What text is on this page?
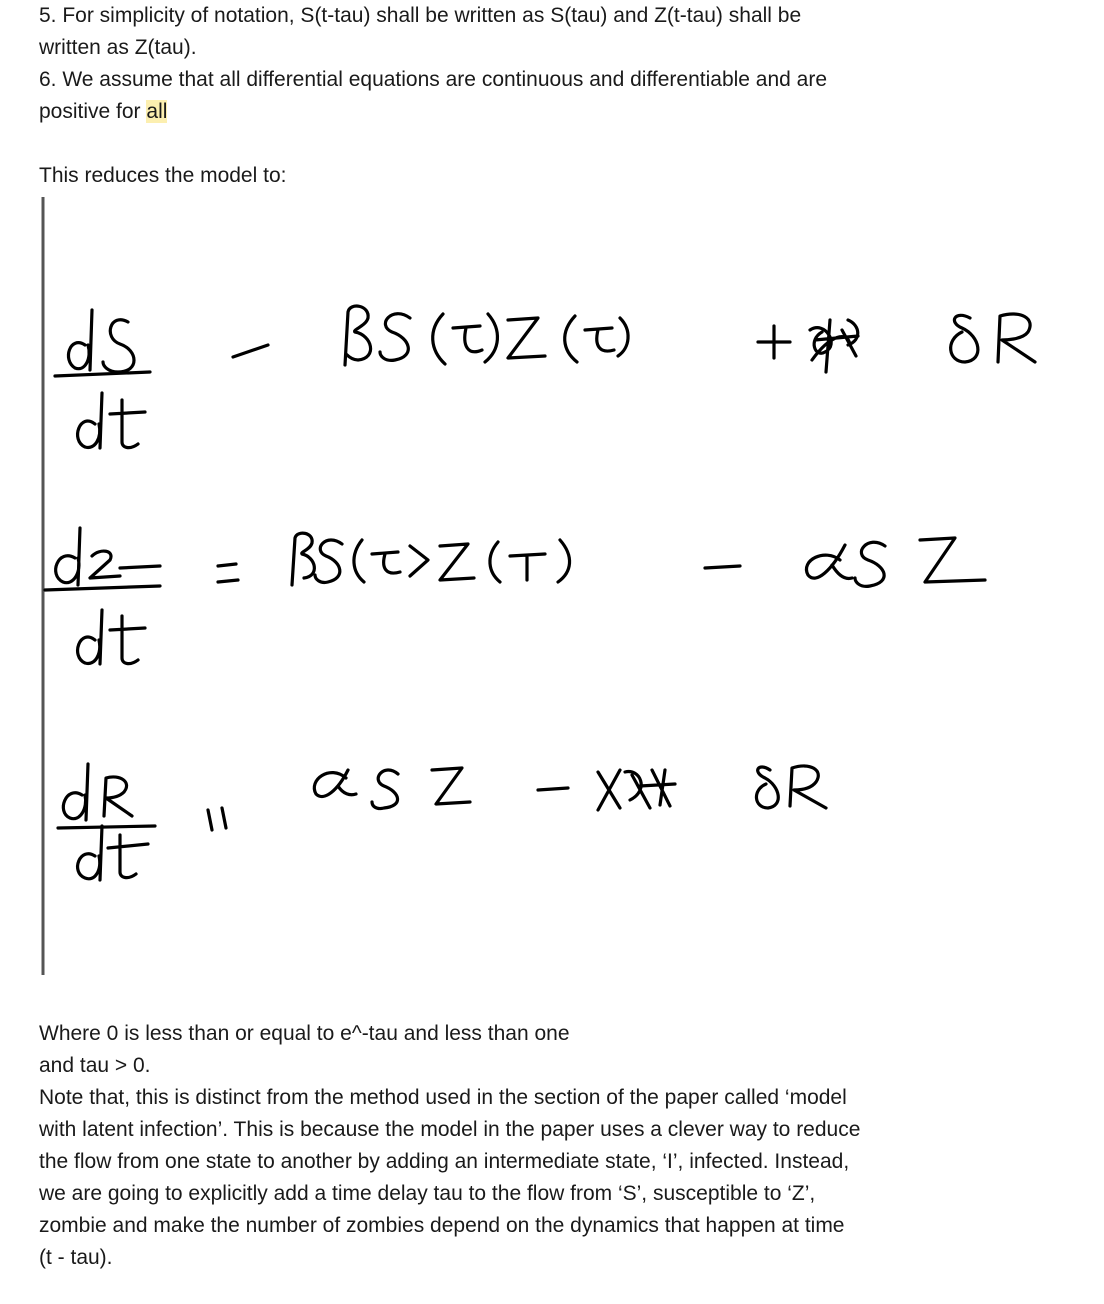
5. For simplicity of notation, S(t-tau) shall be written as S(tau) and Z(t-tau) shall be

written as Z(tau).

6. We assume that all differential equations are continuous and differentiable and are

positive for all

This reduces the model to:

Where 0 is less than or equal to e^-tau and less than one

and tau > 0.

Note that, this is distinct from the method used in the section of the paper called ‘model

with latent infection’. This is because the model in the paper uses a clever way to reduce

the flow from one state to another by adding an intermediate state, ‘I’, infected. Instead,

we are going to explicitly add a time delay tau to the flow from ‘S’, susceptible to ‘Z’,

zombie and make the number of zombies depend on the dynamics that happen at time

(t - tau).
